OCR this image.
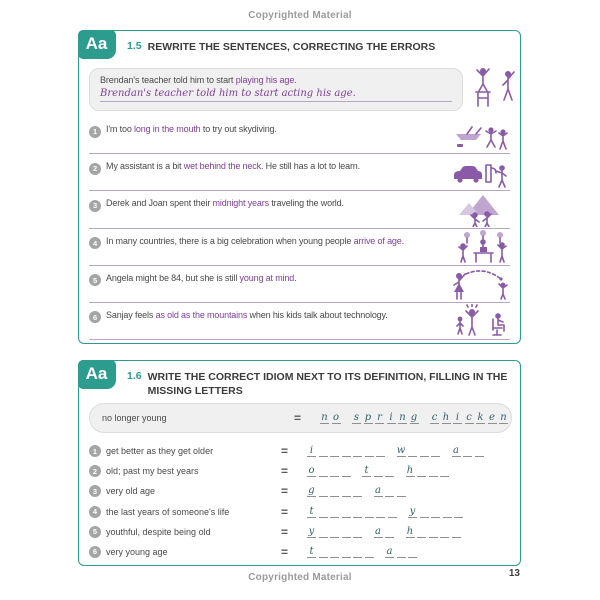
Copyrighted Material
Aa	1.5 REWRITE THE SENTENCES, CORRECTING THE ERRORS
Brendan's teacher told him to start playing his age.
Brendan's teacher told him to start acting his age.
1 I'm too long in the mouth to try out skydiving.
2 My assistant is a bit wet behind the neck. He still has a lot to learn.
3 Derek and Joan spent their midnight years traveling the world.
4 In many countries, there is a big celebration when young people arrive of age.
5 Angela might be 84, but she is still young at mind.
6 Sanjay feels as old as the mountains when his kids talk about technology.
Aa	1.6 WRITE THE CORRECT IDIOM NEXT TO ITS DEFINITION, FILLING IN THE MISSING LETTERS
no longer young	=	n o s p r i n g c h i c k e n
1 get better as they get older	=	i	w	a
2 old; past my best years	=	o	t	h
3 very old age	=	g	a
4 the last years of someone's life	=	t	y
5 youthful, despite being old	=	y	a	h
6 very young age	=	t	a
Copyrighted Material	13
